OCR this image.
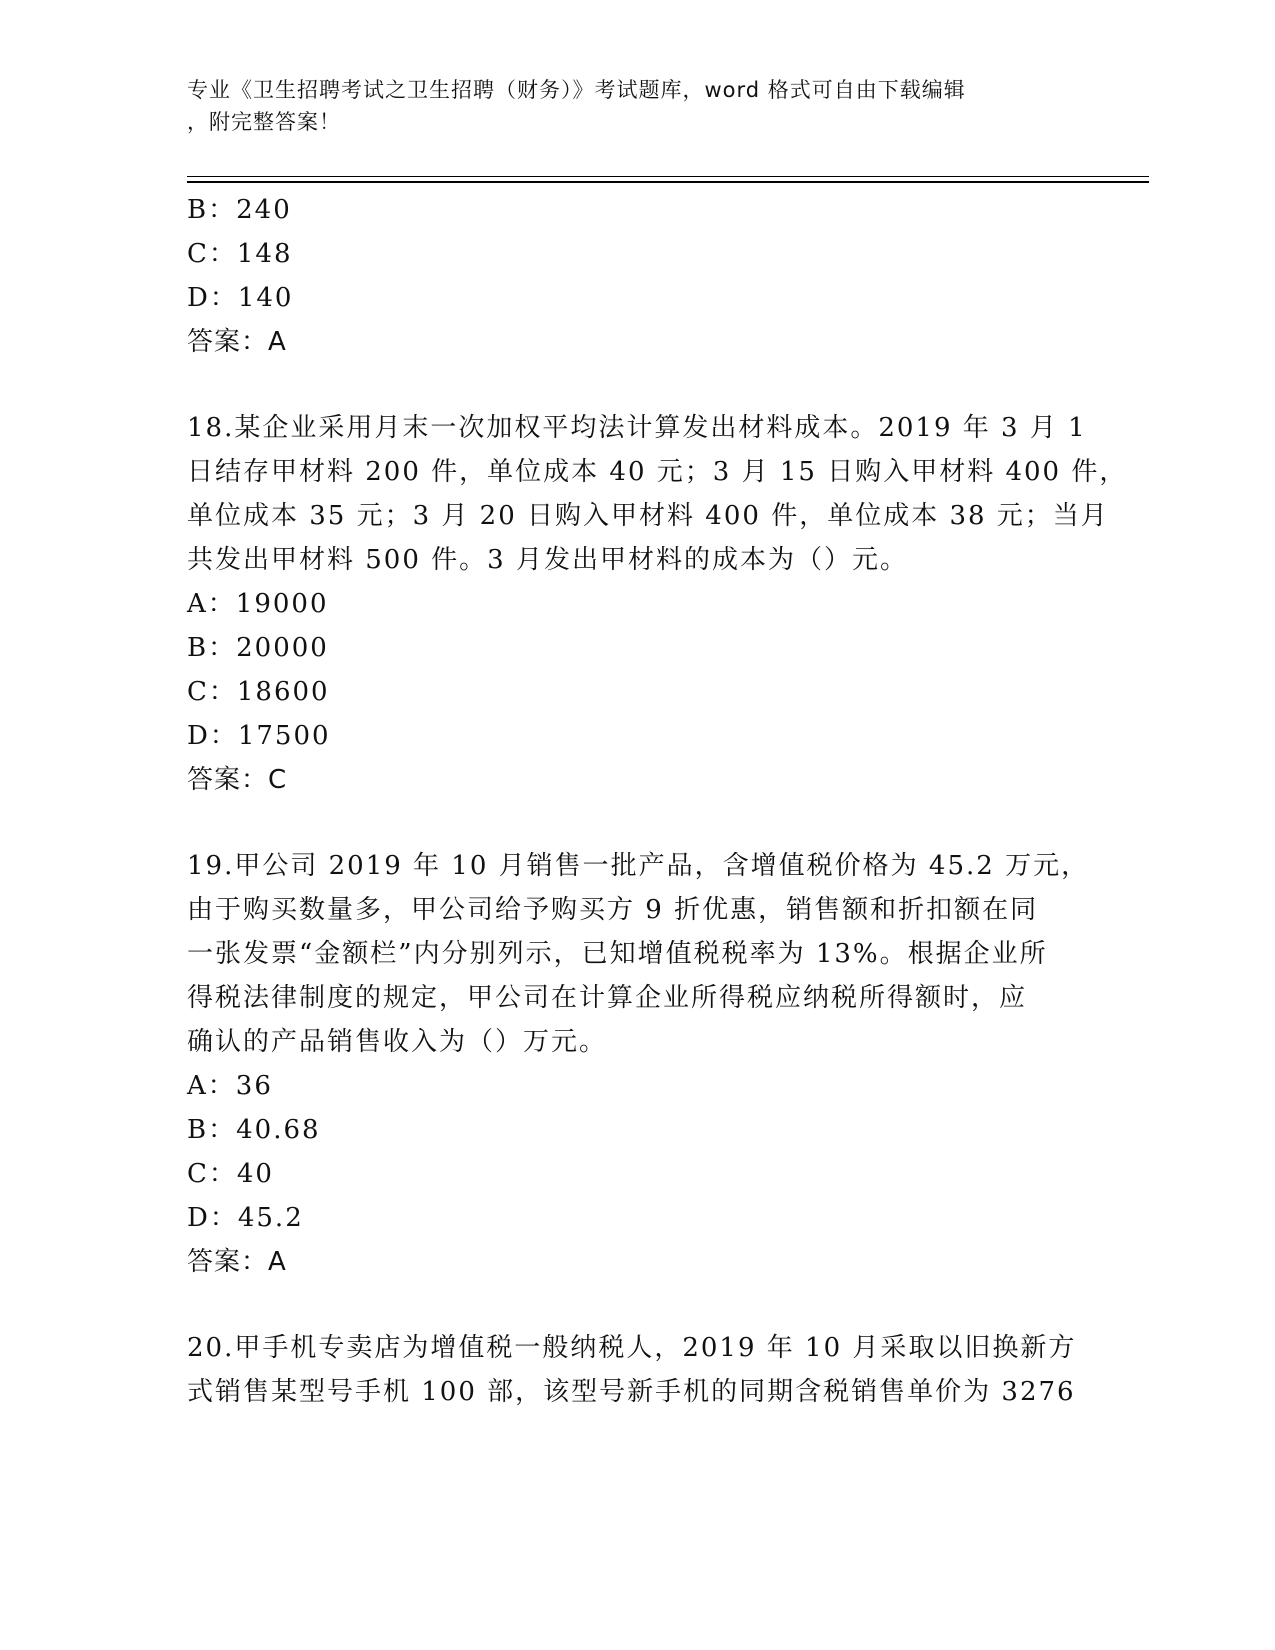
专业《卫生招聘考试之卫生招聘（财务）》考试题库，word 格式可自由下载编辑
，附完整答案！
B：240
C：148
D：140
答案：A
18.某企业采用月末一次加权平均法计算发出材料成本。2019 年 3 月 1
日结存甲材料 200 件，单位成本 40 元；3 月 15 日购入甲材料 400 件，
单位成本 35 元；3 月 20 日购入甲材料 400 件，单位成本 38 元；当月
共发出甲材料 500 件。3 月发出甲材料的成本为（）元。
A：19000
B：20000
C：18600
D：17500
答案：C
19.甲公司 2019 年 10 月销售一批产品，含增值税价格为 45.2 万元，
由于购买数量多，甲公司给予购买方 9 折优惠，销售额和折扣额在同
一张发票“金额栏”内分别列示，已知增值税税率为 13%。根据企业所
得税法律制度的规定，甲公司在计算企业所得税应纳税所得额时，应
确认的产品销售收入为（）万元。
A：36
B：40.68
C：40
D：45.2
答案：A
20.甲手机专卖店为增值税一般纳税人，2019 年 10 月采取以旧换新方
式销售某型号手机 100 部，该型号新手机的同期含税销售单价为 3276
